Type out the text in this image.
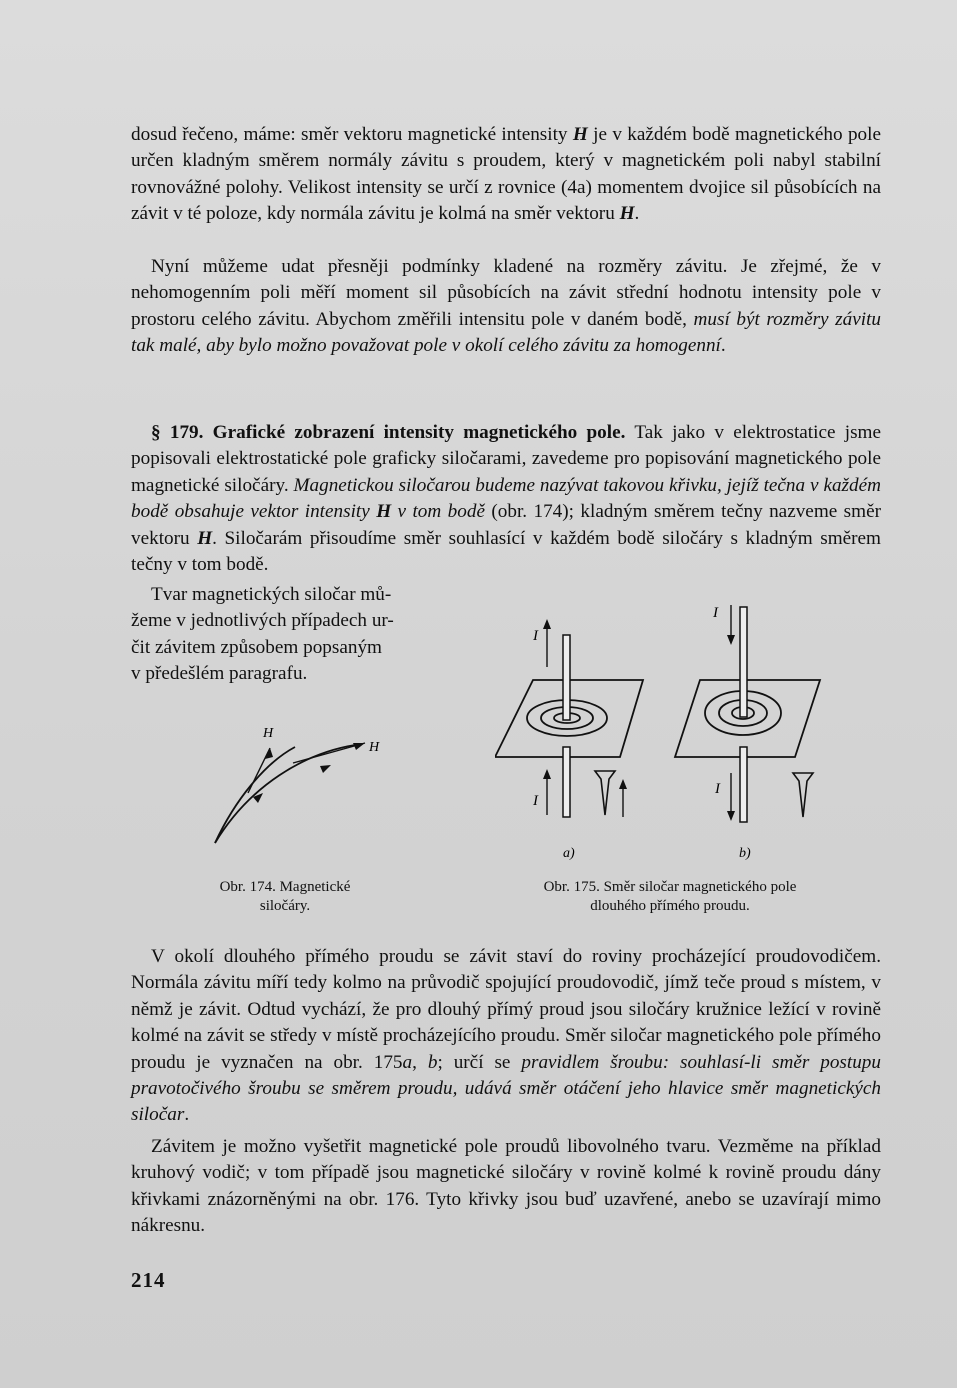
dosud řečeno, máme: směr vektoru magnetické intensity H je v každém bodě magnetického pole určen kladným směrem normály závitu s proudem, který v magnetickém poli nabyl stabilní rovnovážné polohy. Velikost intensity se určí z rovnice (4a) momentem dvojice sil působících na závit v té poloze, kdy normála závitu je kolmá na směr vektoru H.

Nyní můžeme udat přesněji podmínky kladené na rozměry závitu. Je zřejmé, že v nehomogenním poli měří moment sil působících na závit střední hodnotu intensity pole v prostoru celého závitu. Abychom změřili intensitu pole v daném bodě, musí být rozměry závitu tak malé, aby bylo možno považovat pole v okolí celého závitu za homogenní.

§ 179. Grafické zobrazení intensity magnetického pole. Tak jako v elektrostatice jsme popisovali elektrostatické pole graficky siločarami, zavedeme pro popisování magnetického pole magnetické siločáry. Magnetickou siločarou budeme nazývat takovou křivku, jejíž tečna v každém bodě obsahuje vektor intensity H v tom bodě (obr. 174); kladným směrem tečny nazveme směr vektoru H. Siločarám přisoudíme směr souhlasící v každém bodě siločáry s kladným směrem tečny v tom bodě.

Tvar magnetických siločar mů-
žeme v jednotlivých případech ur-
čit závitem způsobem popsaným
v předešlém paragrafu.
H
H
Obr. 174. Magnetické
siločáry.
I
I
a)
I
I
b)
Obr. 175. Směr siločar magnetického pole
dlouhého přímého proudu.

V okolí dlouhého přímého proudu se závit staví do roviny procházející proudovodičem. Normála závitu míří tedy kolmo na průvodič spojující proudovodič, jímž teče proud s místem, v němž je závit. Odtud vychází, že pro dlouhý přímý proud jsou siločáry kružnice ležící v rovině kolmé na závit se středy v místě procházejícího proudu. Směr siločar magnetického pole přímého proudu je vyznačen na obr. 175a, b; určí se pravidlem šroubu: souhlasí-li směr postupu pravotočivého šroubu se směrem proudu, udává směr otáčení jeho hlavice směr magnetických siločar.

Závitem je možno vyšetřit magnetické pole proudů libovolného tvaru. Vezměme na příklad kruhový vodič; v tom případě jsou magnetické siločáry v rovině kolmé k rovině proudu dány křivkami znázorněnými na obr. 176. Tyto křivky jsou buď uzavřené, anebo se uzavírají mimo nákresnu.

214
